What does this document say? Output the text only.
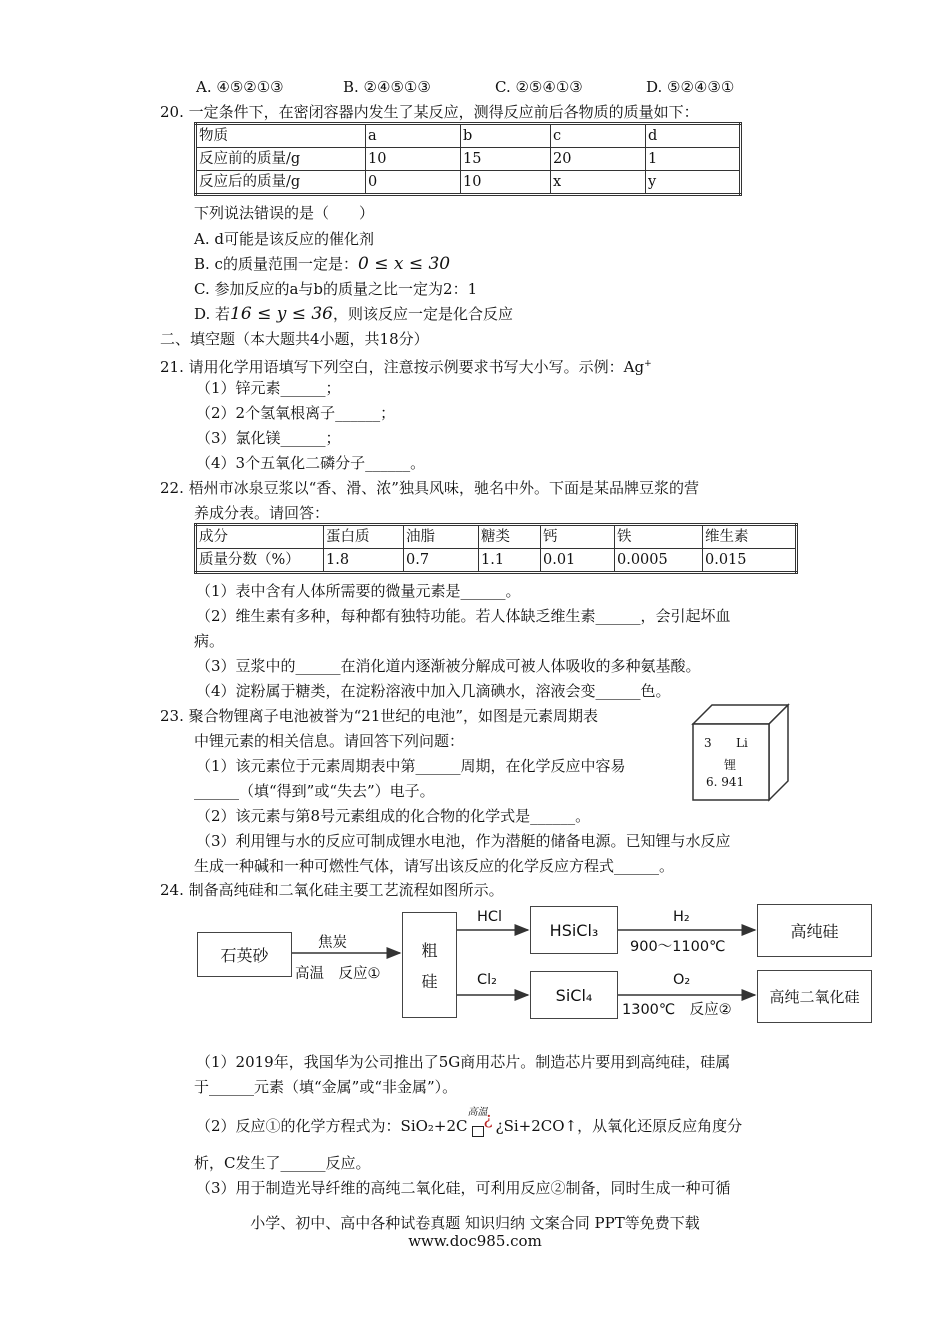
A. ④⑤②①③	B. ②④⑤①③	C. ②⑤④①③	D. ⑤②④③①
20. 一定条件下，在密闭容器内发生了某反应，测得反应前后各物质的质量如下：
物质	a	b	c	d
反应前的质量/g	10	15	20	1
反应后的质量/g	0	10	x	y
下列说法错误的是（　　）
A. d可能是该反应的催化剂
B. c的质量范围一定是：0 ≤ x ≤ 30
C. 参加反应的a与b的质量之比一定为2：1
D. 若16 ≤ y ≤ 36，则该反应一定是化合反应
二、填空题（本大题共4小题，共18分）
21. 请用化学用语填写下列空白，注意按示例要求书写大小写。示例：Ag+
（1）锌元素______；
（2）2个氢氧根离子______；
（3）氯化镁______；
（4）3个五氧化二磷分子______。
22. 梧州市冰泉豆浆以“香、滑、浓”独具风味，驰名中外。下面是某品牌豆浆的营
养成分表。请回答：
成分	蛋白质	油脂	糖类	钙	铁	维生素
质量分数（%）	1.8	0.7	1.1	0.01	0.0005	0.015
（1）表中含有人体所需要的微量元素是______。
（2）维生素有多种，每种都有独特功能。若人体缺乏维生素______，会引起坏血
病。
（3）豆浆中的______在消化道内逐渐被分解成可被人体吸收的多种氨基酸。
（4）淀粉属于糖类，在淀粉溶液中加入几滴碘水，溶液会变______色。
23. 聚合物锂离子电池被誉为“21世纪的电池”，如图是元素周期表
中锂元素的相关信息。请回答下列问题：
（1）该元素位于元素周期表中第______周期，在化学反应中容易
______（填“得到”或“失去”）电子。
（2）该元素与第8号元素组成的化合物的化学式是______。
（3）利用锂与水的反应可制成锂水电池，作为潜艇的储备电源。已知锂与水反应
生成一种碱和一种可燃性气体，请写出该反应的化学反应方程式______。
3 Li
锂
6. 941
24. 制备高纯硅和二氧化硅主要工艺流程如图所示。
石英砂
焦炭
高温　反应①
粗
硅
HCl
HSiCl₃
H₂
900～1100℃
高纯硅
Cl₂
SiCl₄
O₂
1300℃　反应②
高纯二氧化硅
（1）2019年，我国华为公司推出了5G商用芯片。制造芯片要用到高纯硅，硅属
于______元素（填“金属”或“非金属”）。
（2）反应①的化学方程式为：SiO₂+2C
高温
¿ ¿Si+2CO↑，从氧化还原反应角度分
析，C发生了______反应。
（3）用于制造光导纤维的高纯二氧化硅，可利用反应②制备，同时生成一种可循
小学、初中、高中各种试卷真题 知识归纳 文案合同 PPT等免费下载
www.doc985.com
